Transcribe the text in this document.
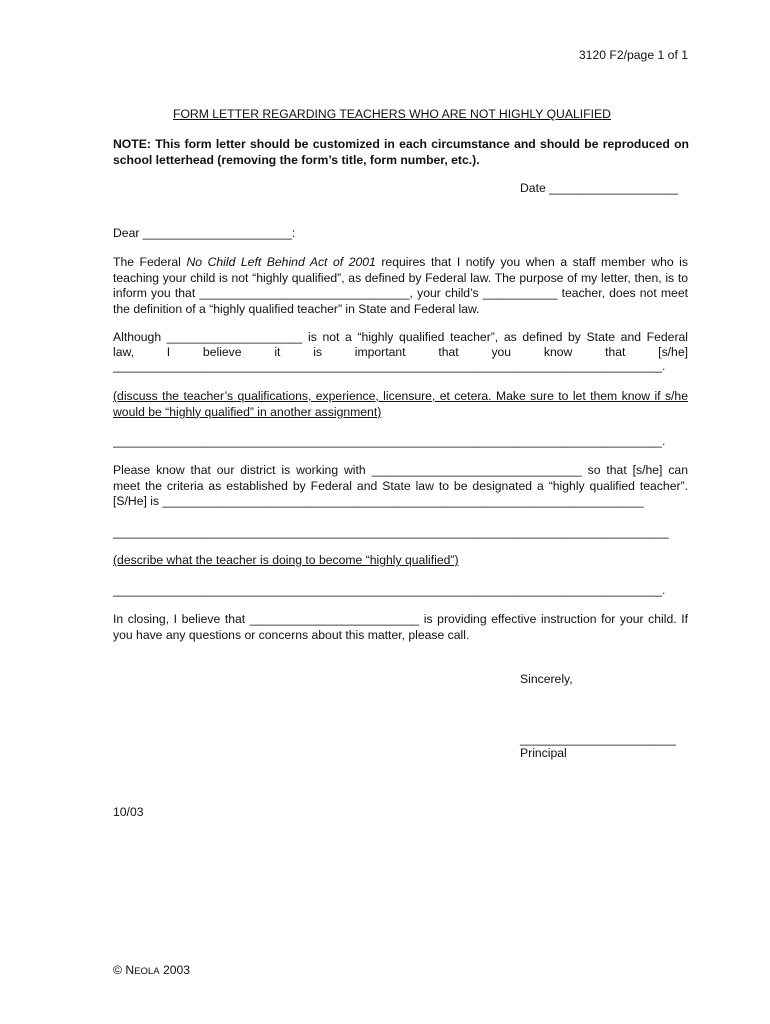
3120 F2/page 1 of 1
FORM LETTER REGARDING TEACHERS WHO ARE NOT HIGHLY QUALIFIED
NOTE: This form letter should be customized in each circumstance and should be reproduced on school letterhead (removing the form’s title, form number, etc.).
Date ___________________
Dear ______________________:
The Federal No Child Left Behind Act of 2001 requires that I notify you when a staff member who is teaching your child is not “highly qualified”, as defined by Federal law. The purpose of my letter, then, is to inform you that _______________________________, your child’s ___________ teacher, does not meet the definition of a “highly qualified teacher” in State and Federal law.
Although ____________________ is not a “highly qualified teacher”, as defined by State and Federal
law, I believe it is important that you know that [s/he]
_________________________________________________________________________________.
(discuss the teacher’s qualifications, experience, licensure, et cetera. Make sure to let them know if s/he would be “highly qualified” in another assignment)
_________________________________________________________________________________.
Please know that our district is working with _______________________________ so that [s/he] can meet the criteria as established by Federal and State law to be designated a “highly qualified teacher”. [S/He] is _______________________________________________________________________
__________________________________________________________________________________
(describe what the teacher is doing to become “highly qualified”)
_________________________________________________________________________________.
In closing, I believe that _________________________ is providing effective instruction for your child. If you have any questions or concerns about this matter, please call.
Sincerely,
_______________________
Principal
10/03
© NEOLA 2003
